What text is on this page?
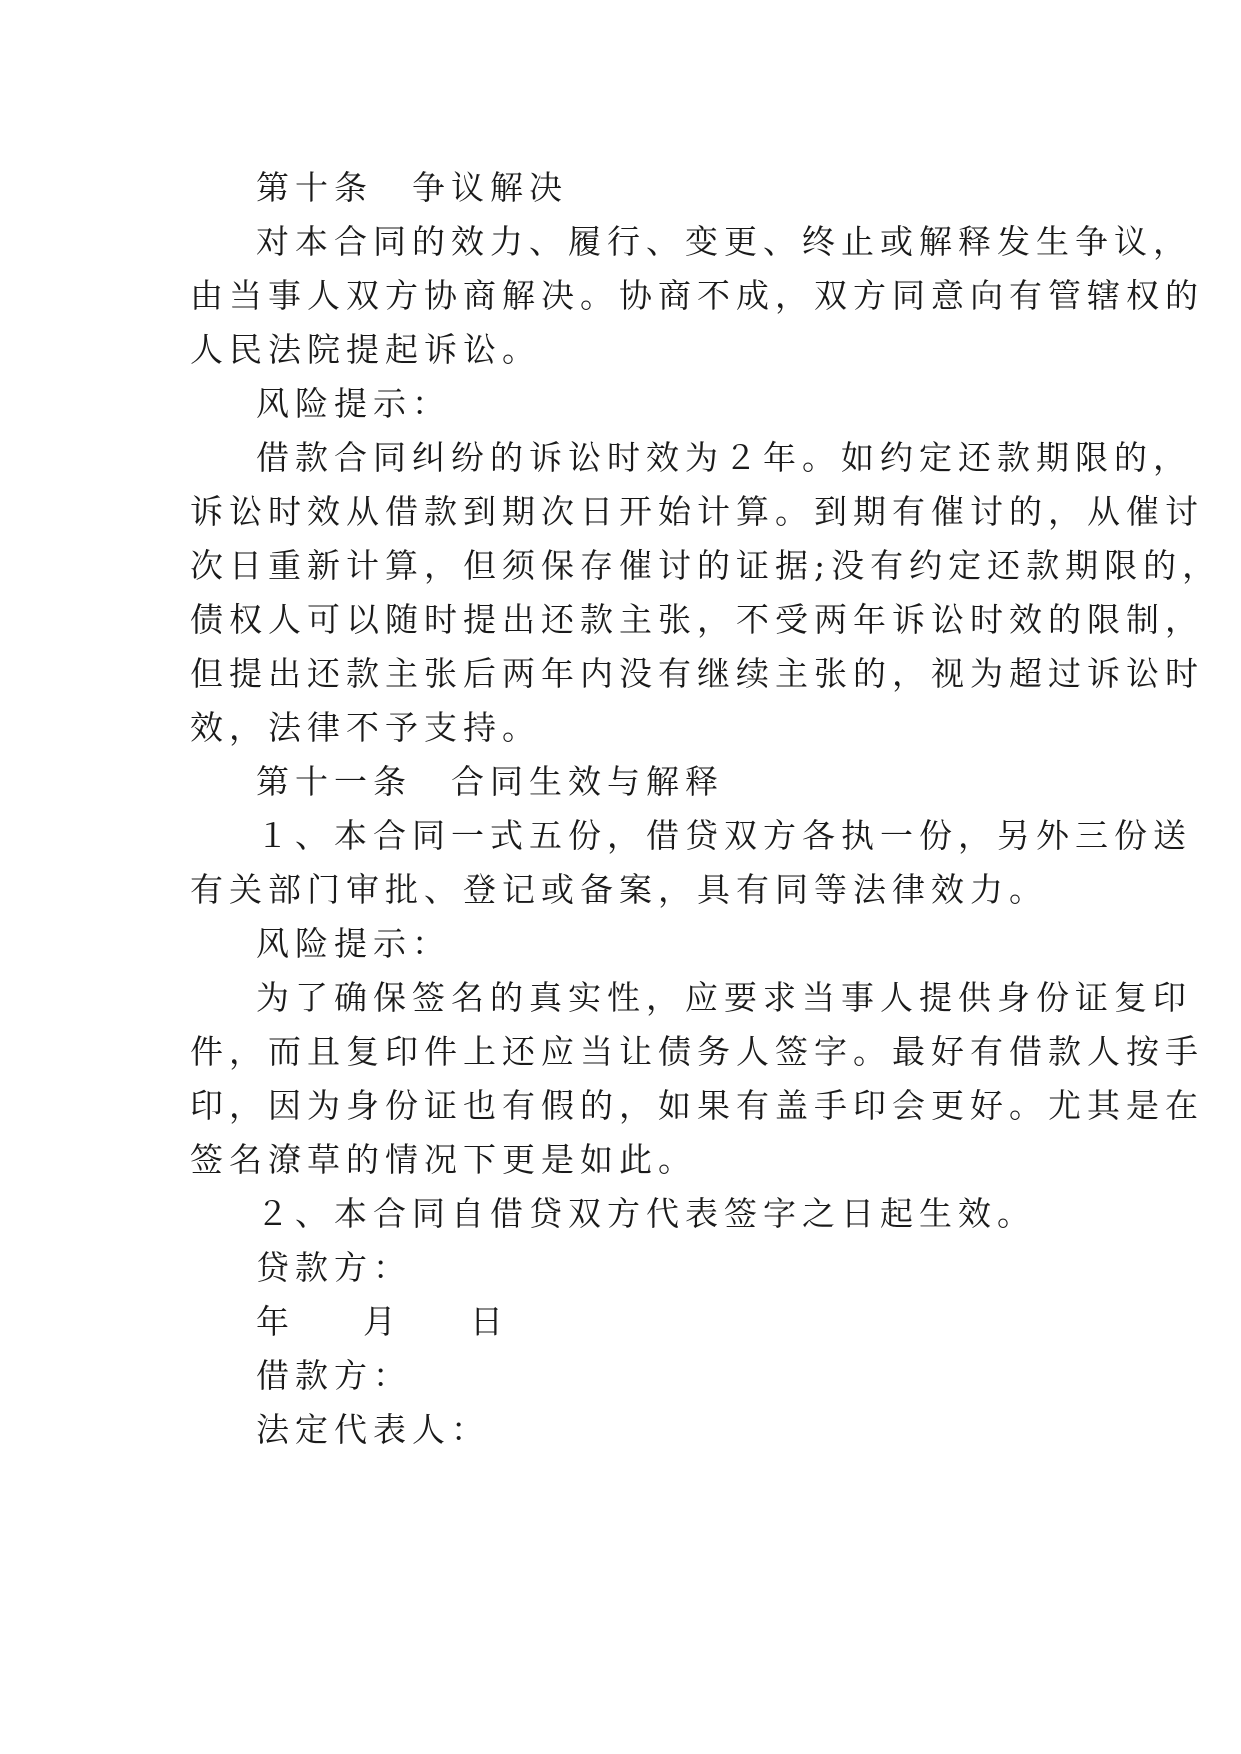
第十条　争议解决
对本合同的效力、履行、变更、终止或解释发生争议，
由当事人双方协商解决。协商不成，双方同意向有管辖权的
人民法院提起诉讼。
风险提示：
借款合同纠纷的诉讼时效为２年。如约定还款期限的，
诉讼时效从借款到期次日开始计算。到期有催讨的，从催讨
次日重新计算，但须保存催讨的证据;没有约定还款期限的，
债权人可以随时提出还款主张，不受两年诉讼时效的限制，
但提出还款主张后两年内没有继续主张的，视为超过诉讼时
效，法律不予支持。
第十一条　合同生效与解释
１、本合同一式五份，借贷双方各执一份，另外三份送
有关部门审批、登记或备案，具有同等法律效力。
风险提示：
为了确保签名的真实性，应要求当事人提供身份证复印
件，而且复印件上还应当让债务人签字。最好有借款人按手
印，因为身份证也有假的，如果有盖手印会更好。尤其是在
签名潦草的情况下更是如此。
２、本合同自借贷双方代表签字之日起生效。
贷款方：
年 月 日
借款方：
法定代表人：
